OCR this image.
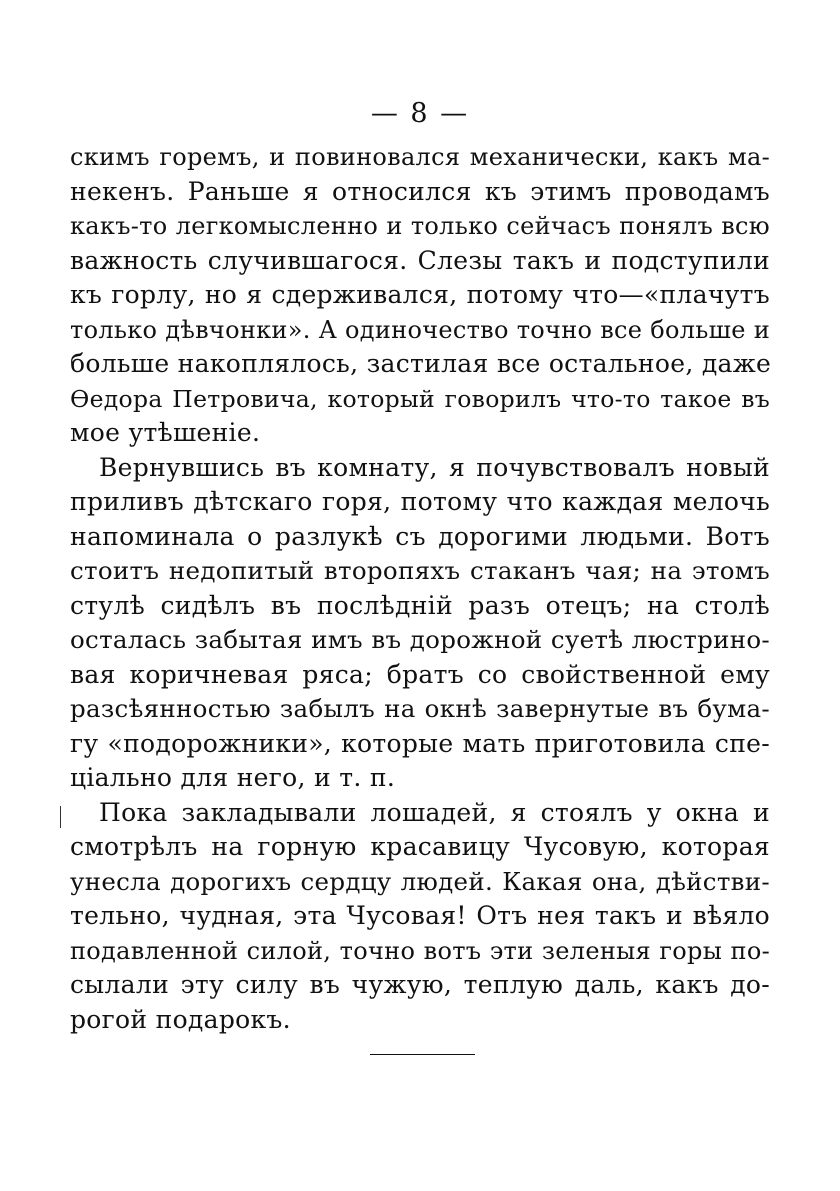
— 8 —
скимъ горемъ, и повиновался механически, какъ ма-
некенъ. Раньше я относился къ этимъ проводамъ
какъ-то легкомысленно и только сейчасъ понялъ всю
важность случившагося. Слезы такъ и подступили
къ горлу, но я сдерживался, потому что—«плачутъ
только дѣвчонки». А одиночество точно все больше и
больше накоплялось, застилая все остальное, даже
Ѳедора Петровича, который говорилъ что-то такое въ
мое утѣшеніе.
Вернувшись въ комнату, я почувствовалъ новый
приливъ дѣтскаго горя, потому что каждая мелочь
напоминала о разлукѣ съ дорогими людьми. Вотъ
стоитъ недопитый второпяхъ стаканъ чая; на этомъ
стулѣ сидѣлъ въ послѣдній разъ отецъ; на столѣ
осталась забытая имъ въ дорожной суетѣ люстрино-
вая коричневая ряса; братъ со свойственной ему
разсѣянностью забылъ на окнѣ завернутые въ бума-
гу «подорожники», которые мать приготовила спе-
ціально для него, и т. п.
Пока закладывали лошадей, я стоялъ у окна и
смотрѣлъ на горную красавицу Чусовую, которая
унесла дорогихъ сердцу людей. Какая она, дѣйстви-
тельно, чудная, эта Чусовая! Отъ нея такъ и вѣяло
подавленной силой, точно вотъ эти зеленыя горы по-
сылали эту силу въ чужую, теплую даль, какъ до-
рогой подарокъ.
